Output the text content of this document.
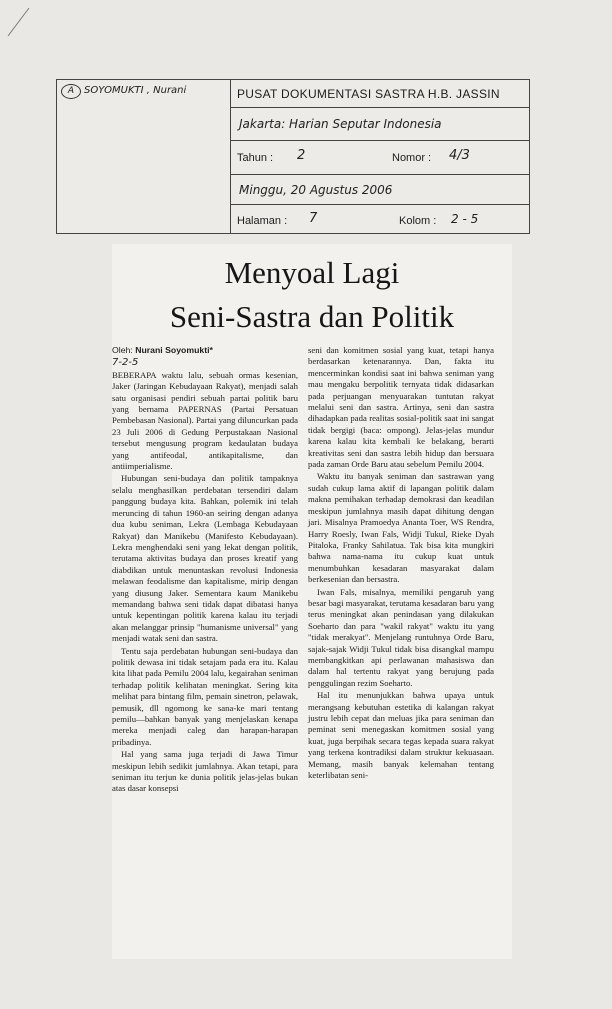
A SOYOMUKTI , Nurani	PUSAT DOKUMENTASI SASTRA H.B. JASSIN
Jakarta: Harian Seputar Indonesia
Tahun : 2	Nomor : 4/3
Minggu, 20 Agustus 2006
Halaman : 7	Kolom : 2 - 5
Menyoal Lagi
Seni-Sastra dan Politik

Oleh: Nurani Soyomukti*

7-2-5

BEBERAPA waktu lalu, sebuah ormas kesenian, Jaker (Jaringan Kebudayaan Rakyat), menjadi salah satu organisasi pendiri sebuah partai politik baru yang bernama PAPERNAS (Partai Persatuan Pembebasan Nasional). Partai yang diluncurkan pada 23 Juli 2006 di Gedung Perpustakaan Nasional tersebut mengusung program kedaulatan budaya yang antifeodal, antikapitalisme, dan antiimperialisme.

Hubungan seni-budaya dan politik tampaknya selalu menghasilkan perdebatan tersendiri dalam panggung budaya kita. Bahkan, polemik ini telah meruncing di tahun 1960-an seiring dengan adanya dua kubu seniman, Lekra (Lembaga Kebudayaan Rakyat) dan Manikebu (Manifesto Kebudayaan). Lekra menghendaki seni yang lekat dengan politik, terutama aktivitas budaya dan proses kreatif yang diabdikan untuk menuntaskan revolusi Indonesia melawan feodalisme dan kapitalisme, mirip dengan yang diusung Jaker. Sementara kaum Manikebu memandang bahwa seni tidak dapat dibatasi hanya untuk kepentingan politik karena kalau itu terjadi akan melanggar prinsip "humanisme universal" yang menjadi watak seni dan sastra.

Tentu saja perdebatan hubungan seni-budaya dan politik dewasa ini tidak setajam pada era itu. Kalau kita lihat pada Pemilu 2004 lalu, kegairahan seniman terhadap politik kelihatan meningkat. Sering kita melihat para bintang film, pemain sinetron, pelawak, pemusik, dll ngomong ke sana-ke mari tentang pemilu—bahkan banyak yang menjelaskan kenapa mereka menjadi caleg dan harapan-harapan pribadinya.

Hal yang sama juga terjadi di Jawa Timur meskipun lebih sedikit jumlahnya. Akan tetapi, para seniman itu terjun ke dunia politik jelas-jelas bukan atas dasar konsepsi

seni dan komitmen sosial yang kuat, tetapi hanya berdasarkan ketenarannya. Dan, fakta itu mencerminkan kondisi saat ini bahwa seniman yang mau mengaku berpolitik ternyata tidak didasarkan pada perjuangan menyuarakan tuntutan rakyat melalui seni dan sastra. Artinya, seni dan sastra dihadapkan pada realitas sosial-politik saat ini sangat tidak bergigi (baca: ompong). Jelas-jelas mundur karena kalau kita kembali ke belakang, berarti kreativitas seni dan sastra lebih hidup dan bersuara pada zaman Orde Baru atau sebelum Pemilu 2004.

Waktu itu banyak seniman dan sastrawan yang sudah cukup lama aktif di lapangan politik dalam makna pemihakan terhadap demokrasi dan keadilan meskipun jumlahnya masih dapat dihitung dengan jari. Misalnya Pramoedya Ananta Toer, WS Rendra, Harry Roesly, Iwan Fals, Widji Tukul, Rieke Dyah Pitaloka, Franky Sahilatua. Tak bisa kita mungkiri bahwa nama-nama itu cukup kuat untuk menumbuhkan kesadaran masyarakat dalam berkesenian dan bersastra.

Iwan Fals, misalnya, memiliki pengaruh yang besar bagi masyarakat, terutama kesadaran baru yang terus meningkat akan penindasan yang dilakukan Soeharto dan para "wakil rakyat" waktu itu yang "tidak merakyat". Menjelang runtuhnya Orde Baru, sajak-sajak Widji Tukul tidak bisa disangkal mampu membangkitkan api perlawanan mahasiswa dan dalam hal tertentu rakyat yang berujung pada penggulingan rezim Soeharto.

Hal itu menunjukkan bahwa upaya untuk merangsang kebutuhan estetika di kalangan rakyat justru lebih cepat dan meluas jika para seniman dan peminat seni menegaskan komitmen sosial yang kuat, juga berpihak secara tegas kepada suara rakyat yang terkena kontradiksi dalam struktur kekuasaan. Memang, masih banyak kelemahan tentang keterlibatan seni-
